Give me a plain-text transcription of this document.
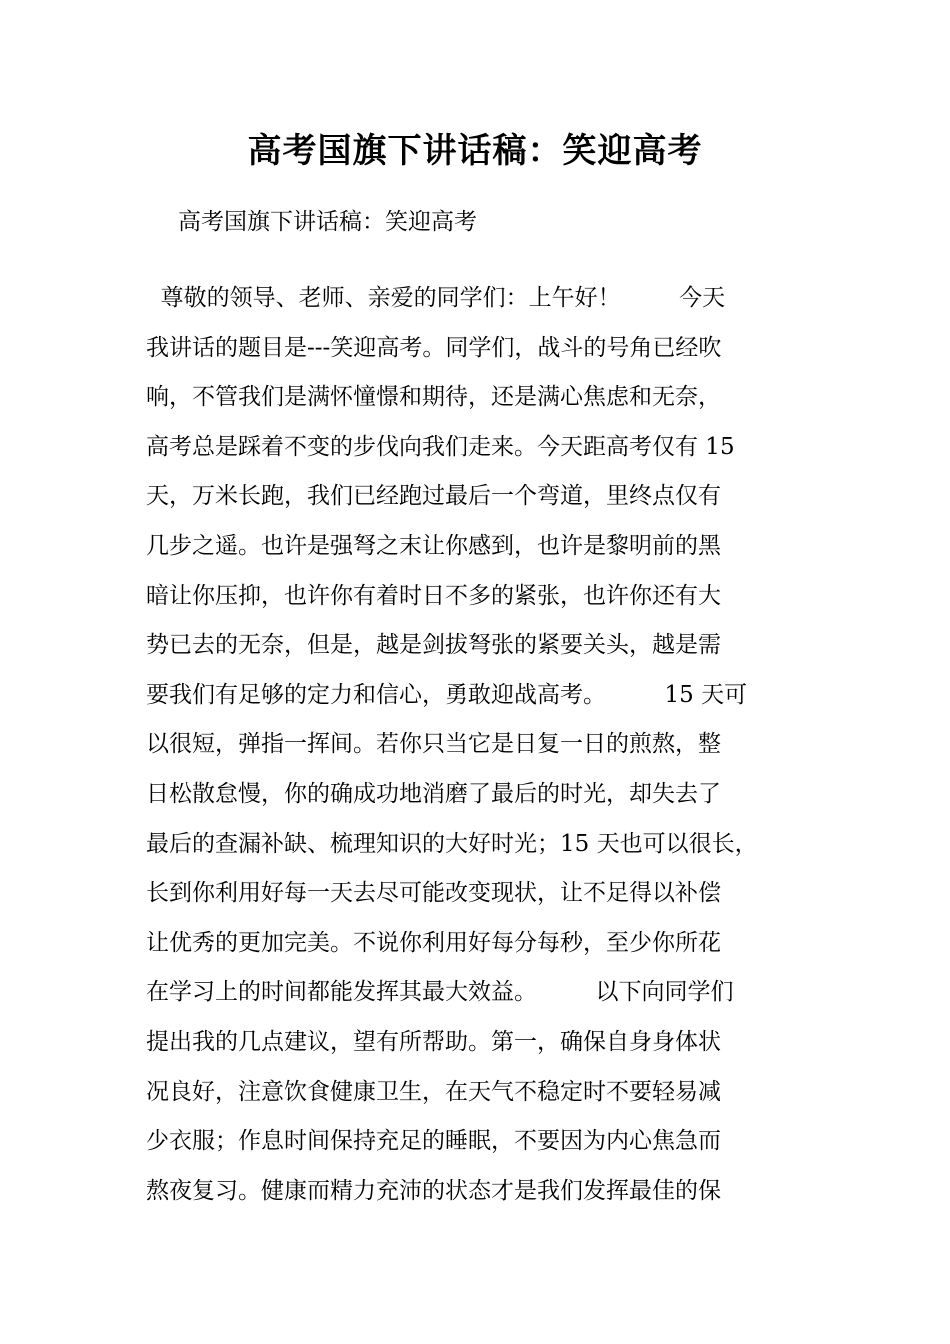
高考国旗下讲话稿：笑迎高考
高考国旗下讲话稿：笑迎高考
尊敬的领导、老师、亲爱的同学们：上午好！        今天
我讲话的题目是---笑迎高考。同学们，战斗的号角已经吹
响，不管我们是满怀憧憬和期待，还是满心焦虑和无奈，
高考总是踩着不变的步伐向我们走来。今天距高考仅有 15
天，万米长跑，我们已经跑过最后一个弯道，里终点仅有
几步之遥。也许是强弩之末让你感到，也许是黎明前的黑
暗让你压抑，也许你有着时日不多的紧张，也许你还有大
势已去的无奈，但是，越是剑拔弩张的紧要关头，越是需
要我们有足够的定力和信心，勇敢迎战高考。        15 天可
以很短，弹指一挥间。若你只当它是日复一日的煎熬，整
日松散怠慢，你的确成功地消磨了最后的时光，却失去了
最后的查漏补缺、梳理知识的大好时光；15 天也可以很长，
长到你利用好每一天去尽可能改变现状，让不足得以补偿
让优秀的更加完美。不说你利用好每分每秒，至少你所花
在学习上的时间都能发挥其最大效益。        以下向同学们
提出我的几点建议，望有所帮助。第一，确保自身身体状
况良好，注意饮食健康卫生，在天气不稳定时不要轻易减
少衣服；作息时间保持充足的睡眠，不要因为内心焦急而
熬夜复习。健康而精力充沛的状态才是我们发挥最佳的保
